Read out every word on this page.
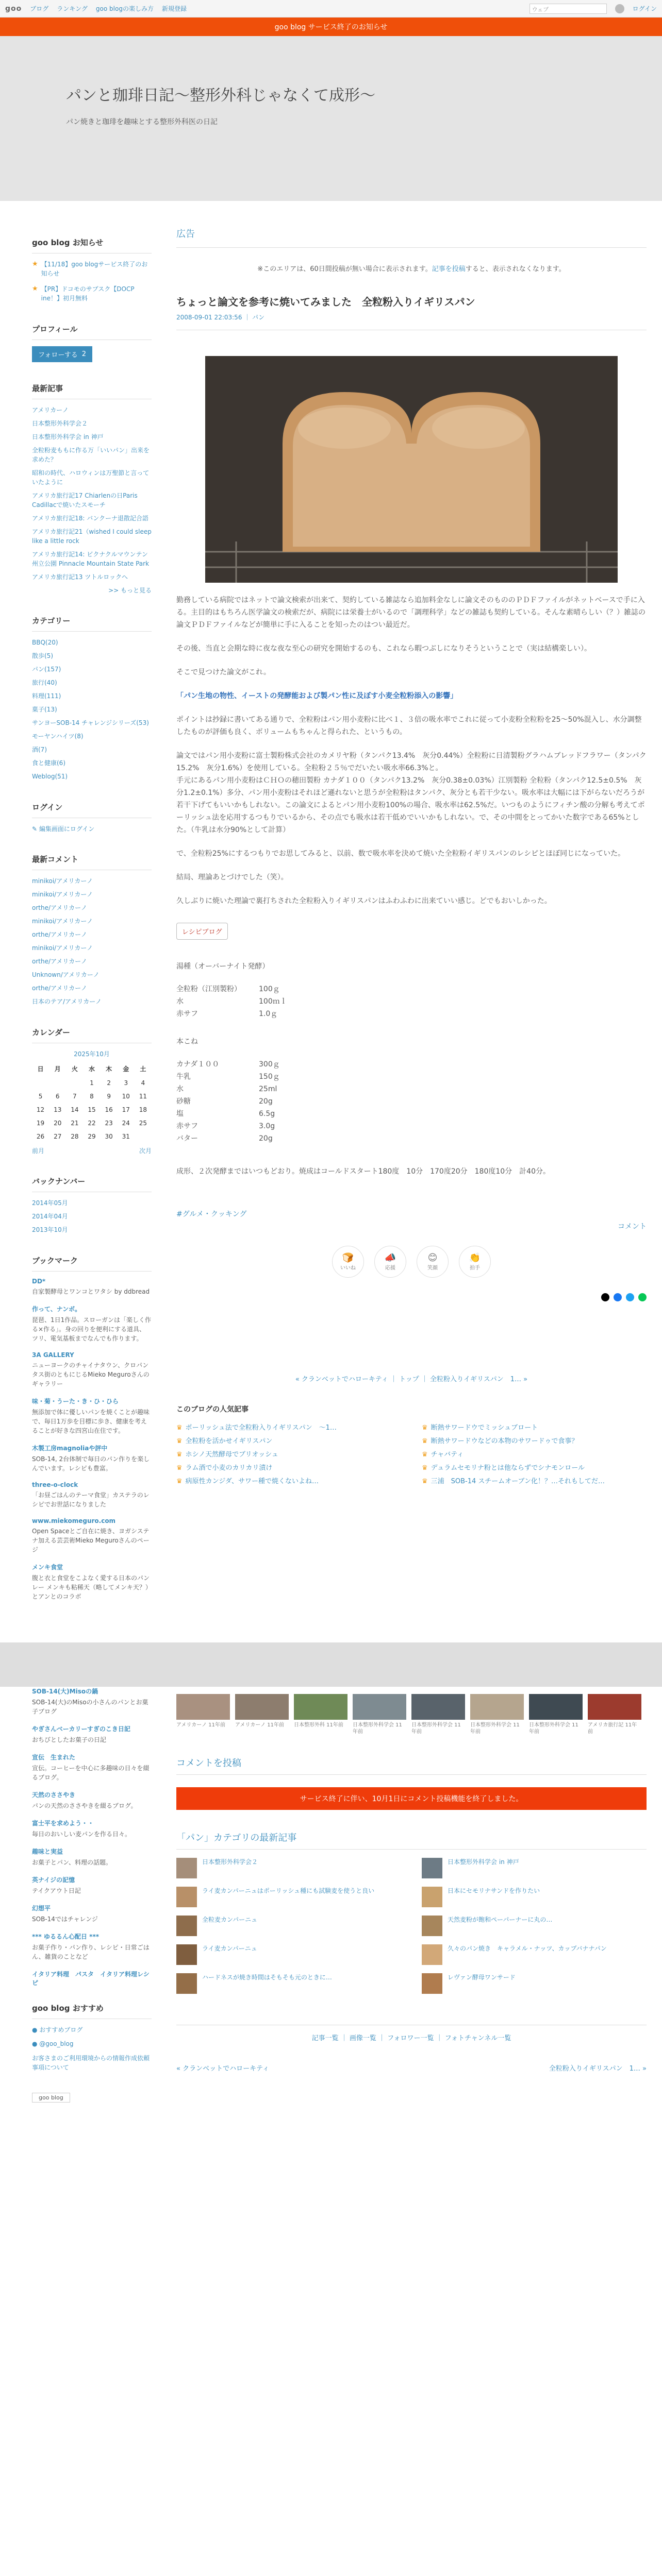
goo ブログ ランキング goo blogの楽しみ方 新規登録	ウェブ	ログイン
goo blog サービス終了のお知らせ
パンと珈琲日記〜整形外科じゃなくて成形〜

パン焼きと珈琲を趣味とする整形外科医の日記

goo blog お知らせ
★ 【11/18】goo blogサービス終了のお知らせ
★ 【PR】ドコモのサブスク【DOCP ine！】初月無料
プロフィール
フォローする 2
最新記事
アメリカーノ
日本整形外科学会２
日本整形外科学会 in 神戸
全粒粉麦ももに作る万「いいパン」出来を求めた？
昭和の時代、ハロウィンは万聖節と言っていたように
アメリカ旅行記17 Chiarlenの日Paris Cadillacで焼いたスモーチ
アメリカ旅行記18: バンクーナ退散記合語
アメリカ旅行記21（wished I could sleep like a little rock
アメリカ旅行記14: ビクナクルマウンテン州立公園 Pinnacle Mountain State Park
アメリカ旅行記13 ツトルロックへ
>> もっと見る
カテゴリー
BBQ(20)
散歩(5)
パン(157)
旅行(40)
料理(111)
菓子(13)
サンヨーSOB-14 チャレンジシリーズ(53)
モーヤンハイツ(8)
酒(7)
食と健康(6)
Weblog(51)
ログイン
✎ 編集画面にログイン
最新コメント
minikoi/アメリカーノ
minikoi/アメリカーノ
orthe/アメリカーノ
minikoi/アメリカーノ
orthe/アメリカーノ
minikoi/アメリカーノ
orthe/アメリカーノ
Unknown/アメリカーノ
orthe/アメリカーノ
日本のテア/アメリカーノ
カレンダー
2025年10月
日	月	火	水	木	金	土
			1	2	3	4
5	6	7	8	9	10	11
12	13	14	15	16	17	18
19	20	21	22	23	24	25
26	27	28	29	30	31	
前月	次月
バックナンバー
2014年05月
2014年04月
2013年10月
ブックマーク
DD*
自家製酵母とワンコとワタシ by ddbread
作って、ナンボ。
琵琶、1日1作品。スローガンは「楽しく作る×作る」。身の回りを便利にする道具、ツリ、電気基板までなんでも作ります。
3A GALLERY
ニューヨークのチャイナタウン、クロパンタス街のともにじるMieko Meguroさんのギャラリー
味・菊・うーた・き・ひ・ひら
無添加で体に優しいパンを焼くことが趣味で、毎日1万歩を目標に歩き、健康を考えることが好きな四宮山在住です。
木製工房magnoliaや評中
SOB-14, 2台体制で毎日のパン作りを楽しんでいます。レシピも豊富。
three-o-clock
「お昼ごはんのテーマ食堂」カステラのレシピでお世話になりました
www.miekomeguro.com
Open Spaceとご自在に焼き、ヨガシステナ加える芸芸術Mieko Meguroさんのページ
メンキ食堂
腹と衣と食堂をこよなく愛する日本のパンレー メンキも粘稀天（略してメンキ天？）とアンとのコラボ
広告
※このエリアは、60日間投稿が無い場合に表示されます。記事を投稿すると、表示されなくなります。
ちょっと論文を参考に焼いてみました　全粒粉入りイギリスパン
2008-09-01 22:03:56 ｜ パン
勤務している病院ではネットで論文検索が出来て、契約している雑誌なら追加料金なしに論文そのもののＰＤＦファイルがネットベースで手に入る。主目的はもちろん医学論文の検索だが、病院には栄養士がいるので「調理科学」などの雑誌も契約している。そんな素晴らしい（？）雑誌の論文ＰＤＦファイルなどが簡単に手に入ることを知ったのはつい最近だ。
その後、当直と会期な時に夜な夜な至心の研究を開始するのも、これなら暇つぶしになりそうということで（実は結構楽しい）。
そこで見つけた論文がこれ。
「パン生地の物性、イーストの発酵能および製パン性に及ぼす小麦全粒粉添入の影響」
ポイントは抄録に書いてある通りで、全粒粉はパン用小麦粉に比べ１、３倍の吸水率でこれに従って小麦粉全粒粉を25〜50%混入し、水分調整したものが評価も良く、ボリュームもちゃんと得られた、というもの。
論文ではパン用小麦粉に富士製粉株式会社のカメリヤ粉（タンパク13.4%　灰分0.44%）全粒粉に日清製粉グラハムブレッドフラワー（タンパク15.2%　灰分1.6%）を使用している。全粒粉２５％でだいたい吸水率66.3%と。
手元にあるパン用小麦粉はＣＨＯの穂田製粉 カナダ１００（タンパク13.2%　灰分0.38±0.03%）江別製粉 全粒粉（タンパク12.5±0.5%　灰分1.2±0.1%）多分、パン用小麦粉はそれほど遜れないと思うが全粒粉はタンパク、灰分とも若干少ない。吸水率は大幅には下がらないだろうが若干下げてもいいかもしれない。この論文によるとパン用小麦粉100%の場合、吸水率は62.5%だ。いつものようにフィチン酸の分解も考えてポーリッシュ法を応用するつもりでいるから、その点でも吸水は若干低めでいいかもしれない。で、その中間をとってかいた数字である65%とした。（牛乳は水分90%として計算）
で、全粒粉25%にするつもりでお思してみると、以前、数で吸水率を決めて焼いた全粒粉イギリスパンのレシピとほぼ同じになっていた。
結局、理論あとづけでした（笑）。
久しぶりに焼いた理論で裏打ちされた全粒粉入りイギリスパンはふわふわに出来ていい感じ。どでもおいしかった。
レシピブログ
湯種（オーバーナイト発酵）
全粒粉（江別製粉）	100ｇ
水	100ｍｌ
赤サフ	1.0ｇ
本こね
カナダ１００	300ｇ
牛乳	150ｇ
水	25ml
砂糖	20g
塩	6.5g
赤サフ	3.0g
バター	20g
成形、２次発酵まではいつもどおり。焼成はコールドスタート180度　10分　170度20分　180度10分　計40分。
#グルメ・クッキング
コメント
🍞
いいね
📣
応援
😊
笑顔
👏
拍手
« クランベットでハローキティ ｜ トップ ｜ 全粒粉入りイギリスパン　1… »
このブログの人気記事
♛ ポーリッシュ法で全粒粉入りイギリスパン　〜1…	♛ 断熱サワードウでミッシュブロート
♛ 全粒粉を活かせイギリスパン	♛ 断熱サワードウなどの本物のサワードゥで食事？
♛ ホシノ天然酵母でブリオッシュ	♛ チャバティ
♛ ラム酒で小麦のカリカリ漬け	♛ デュラムセモリナ粉とは他ならずでシナモンロール
♛ 病原性カンジダ、サワー種で焼くないよね…	♛ 三浦　SOB-14 スチームオーブン化！？…それもしてだ…
SOB-14(大)Misoの鍋
SOB-14(大)のMisoの小さんのパンとお菓子ブログ
やぎさんベーカリーすぎのこき日記
おちびとしたお菓子の日記
宣伝　生まれた
宣伝。コーヒーを中心に多趣味の日々を綴るブログ。
天然のささやき
パンの天然のささやきを綴るブログ。
富士平を求めよう・・
毎日のおいしい麦パンを作る日々。
趣味と実益
お菓子とパン、料理の話題。
英ナイジの記憶
テイクアウト日記
幻想平
SOB-14ではチャレンジ
*** ゆるるん心配日 ***
お菓子作り・パン作り、レシピ・日常ごはん、雑貨のことなど
イタリア料理　パスタ　イタリア料理レシピ
goo blog おすすめ
● おすすめブログ
● @goo_blog
お客さまのご利用環境からの情報作成依頼事項について
goo blog
アメリカーノ 11年前	アメリカーノ 11年前	日本整形外科 11年前	日本整形外科学会 11年前
日本整形外科学会 11年前
日本整形外科学会 11年前
日本整形外科学会 11年前
アメリカ旅行記 11年前
コメントを投稿
サービス終了に伴い、10月1日にコメント投稿機能を終了しました。
「パン」カテゴリの最新記事
日本整形外科学会２	日本整形外科学会 in 神戸
ライ麦カンパーニュはポーリッシュ種にも試験麦を使うと良い	日本にセモリナサンドを作りたい
全粒麦カンパーニュ	天然麦粉が飽和ペーパーナーに丸の…
ライ麦カンパーニュ	久々のパン焼き　キャラメル・ナッツ、カップバナナパン
ハードネスが焼き時間はそもそも元のときに…	レヴァン酵母ワンサード
記事一覧 ｜ 画像一覧 ｜ フォロワー一覧 ｜ フォトチャンネル一覧
« クランベットでハローキティ	全粒粉入りイギリスパン　1… »
